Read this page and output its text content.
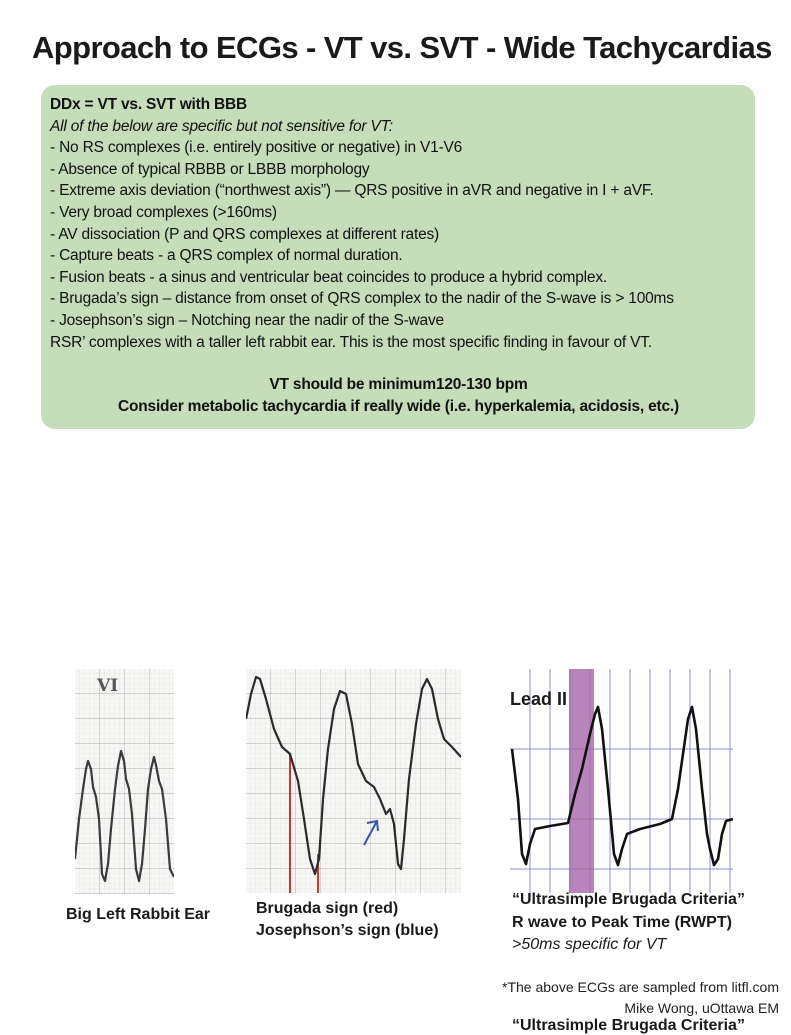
Approach to ECGs - VT vs. SVT - Wide Tachycardias
DDx = VT vs. SVT with BBB
All of the below are specific but not sensitive for VT:
- No RS complexes (i.e. entirely positive or negative) in V1-V6
- Absence of typical RBBB or LBBB morphology
- Extreme axis deviation (“northwest axis”) — QRS positive in aVR and negative in I + aVF.
- Very broad complexes (>160ms)
- AV dissociation (P and QRS complexes at different rates)
- Capture beats - a QRS complex of normal duration.
- Fusion beats - a sinus and ventricular beat coincides to produce a hybrid complex.
- Brugada’s sign – distance from onset of QRS complex to the nadir of the S-wave is > 100ms
- Josephson’s sign – Notching near the nadir of the S-wave
RSR’ complexes with a taller left rabbit ear. This is the most specific finding in favour of VT.
VT should be minimum120-130 bpm
Consider metabolic tachycardia if really wide (i.e. hyperkalemia, acidosis, etc.)
VI
Big Left Rabbit Ear	Brugada sign (red)
Josephson’s sign (blue)
Lead II
“Ultrasimple Brugada Criteria”
R wave to Peak Time (RWPT)
>50ms specific for VT
*The above ECGs are sampled from litfl.com
Mike Wong, uOttawa EM
“Ultrasimple Brugada Criteria”
